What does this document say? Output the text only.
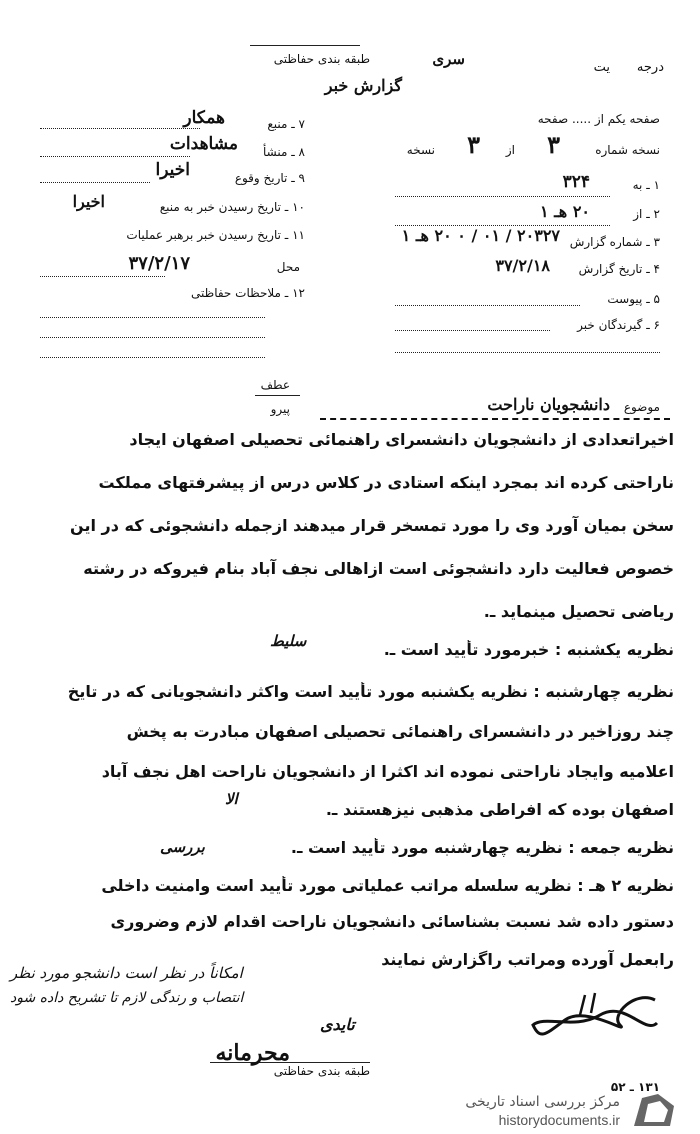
درجه
یت
طبقه بندی حفاظتی	سری
گزارش خبر
صفحه یکم از ..... صفحه
نسخه شماره
۳
از
۳
نسخه
۱ ـ به
۳۲۴
۲ ـ از
۲۰ هـ ۱
۳ ـ شماره گزارش
۲۰۳۲۷ / ۰۱ / ۰ ۲۰ هـ ۱
۴ ـ تاریخ گزارش
۳۷/۲/۱۸
۵ ـ پیوست
۶ ـ گیرندگان خبر
۷ ـ منبع
همکار
۸ ـ منشأ
مشاهدات
۹ ـ تاریخ وقوع
اخیرا
۱۰ ـ تاریخ رسیدن خبر به منبع
اخیرا
۱۱ ـ تاریخ رسیدن خبر برهبر عملیات
محل
۳۷/۲/۱۷
۱۲ ـ ملاحظات حفاظتی
عطف
پیرو	موضوع
دانشجویان ناراحت
اخیراتعدادی از دانشجویان دانشسرای راهنمائی تحصیلی اصفهان ایجاد
ناراحتی کرده اند بمجرد اینکه استادی در کلاس درس از پیشرفتهای مملکت
سخن بمیان آورد وی را مورد تمسخر قرار میدهند ازجمله دانشجوئی که در این
خصوص فعالیت دارد دانشجوئی است ازاهالی نجف آباد بنام فیروکه در رشته
ریاضی تحصیل مینماید ـ.
نظریه یکشنبه : خبرمورد تأیید است ـ.
نظریه چهارشنبه : نظریه یکشنبه مورد تأیید است واکثر دانشجویانی که در تایخ
چند روزاخیر در دانشسرای راهنمائی تحصیلی اصفهان مبادرت به پخش
اعلامیه وایجاد ناراحتی نموده اند اکثرا از دانشجویان ناراحت اهل نجف آباد
اصفهان بوده که افراطی مذهبی نیزهستند ـ.
نظریه جمعه : نظریه چهارشنبه مورد تأیید است ـ.
نظریه ۲ هـ : نظریه سلسله مراتب عملیاتی مورد تأیید است وامنیت داخلی
دستور داده شد نسبت بشناسائی دانشجویان ناراحت اقدام لازم وضروری
رابعمل آورده ومراتب راگزارش نمایند
سلیط
الا
بررسی
امکاناً در نظر است دانشجو مورد نظر
انتصاب و رندگی لازم تا تشریح داده شود
تایدی
طبقه بندی حفاظتی
محرمانه
۱۳۱ ـ ۵۲
مرکز بررسی اسناد تاریخی
historydocuments.ir
